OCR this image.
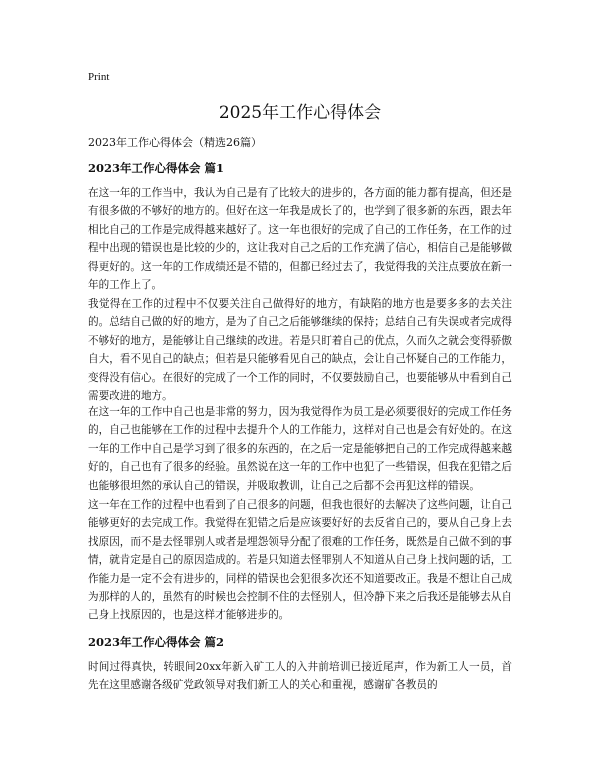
Print
2025年工作心得体会
2023年工作心得体会（精选26篇）
2023年工作心得体会 篇1

在这一年的工作当中，我认为自己是有了比较大的进步的，各方面的能力都有提高，但还是有很多做的不够好的地方的。但好在这一年我是成长了的，也学到了很多新的东西，跟去年相比自己的工作是完成得越来越好了。这一年也很好的完成了自己的工作任务，在工作的过程中出现的错误也是比较的少的，这让我对自己之后的工作充满了信心，相信自己是能够做得更好的。这一年的工作成绩还是不错的，但都已经过去了，我觉得我的关注点要放在新一年的工作上了。

我觉得在工作的过程中不仅要关注自己做得好的地方，有缺陷的地方也是要多多的去关注的。总结自己做的好的地方，是为了自己之后能够继续的保持；总结自己有失误或者完成得不够好的地方，是能够让自己继续的改进。若是只盯着自己的优点，久而久之就会变得骄傲自大，看不见自己的缺点；但若是只能够看见自己的缺点，会让自己怀疑自己的工作能力，变得没有信心。在很好的完成了一个工作的同时，不仅要鼓励自己，也要能够从中看到自己需要改进的地方。

在这一年的工作中自己也是非常的努力，因为我觉得作为员工是必须要很好的完成工作任务的，自己也能够在工作的过程中去提升个人的工作能力，这样对自己也是会有好处的。在这一年的工作中自己是学习到了很多的东西的，在之后一定是能够把自己的工作完成得越来越好的，自己也有了很多的经验。虽然说在这一年的工作中也犯了一些错误，但我在犯错之后也能够很坦然的承认自己的错误，并吸取教训，让自己之后都不会再犯这样的错误。

这一年在工作的过程中也看到了自己很多的问题，但我也很好的去解决了这些问题，让自己能够更好的去完成工作。我觉得在犯错之后是应该要好好的去反省自己的，要从自己身上去找原因，而不是去怪罪别人或者是埋怨领导分配了很难的工作任务，既然是自己做不到的事情，就肯定是自己的原因造成的。若是只知道去怪罪别人不知道从自己身上找问题的话，工作能力是一定不会有进步的，同样的错误也会犯很多次还不知道要改正。我是不想让自己成为那样的人的，虽然有的时候也会控制不住的去怪别人，但冷静下来之后我还是能够去从自己身上找原因的，也是这样才能够进步的。

2023年工作心得体会 篇2

时间过得真快，转眼间20xx年新入矿工人的入井前培训已接近尾声，作为新工人一员，首先在这里感谢各级矿党政领导对我们新工人的关心和重视，感谢矿各教员的
